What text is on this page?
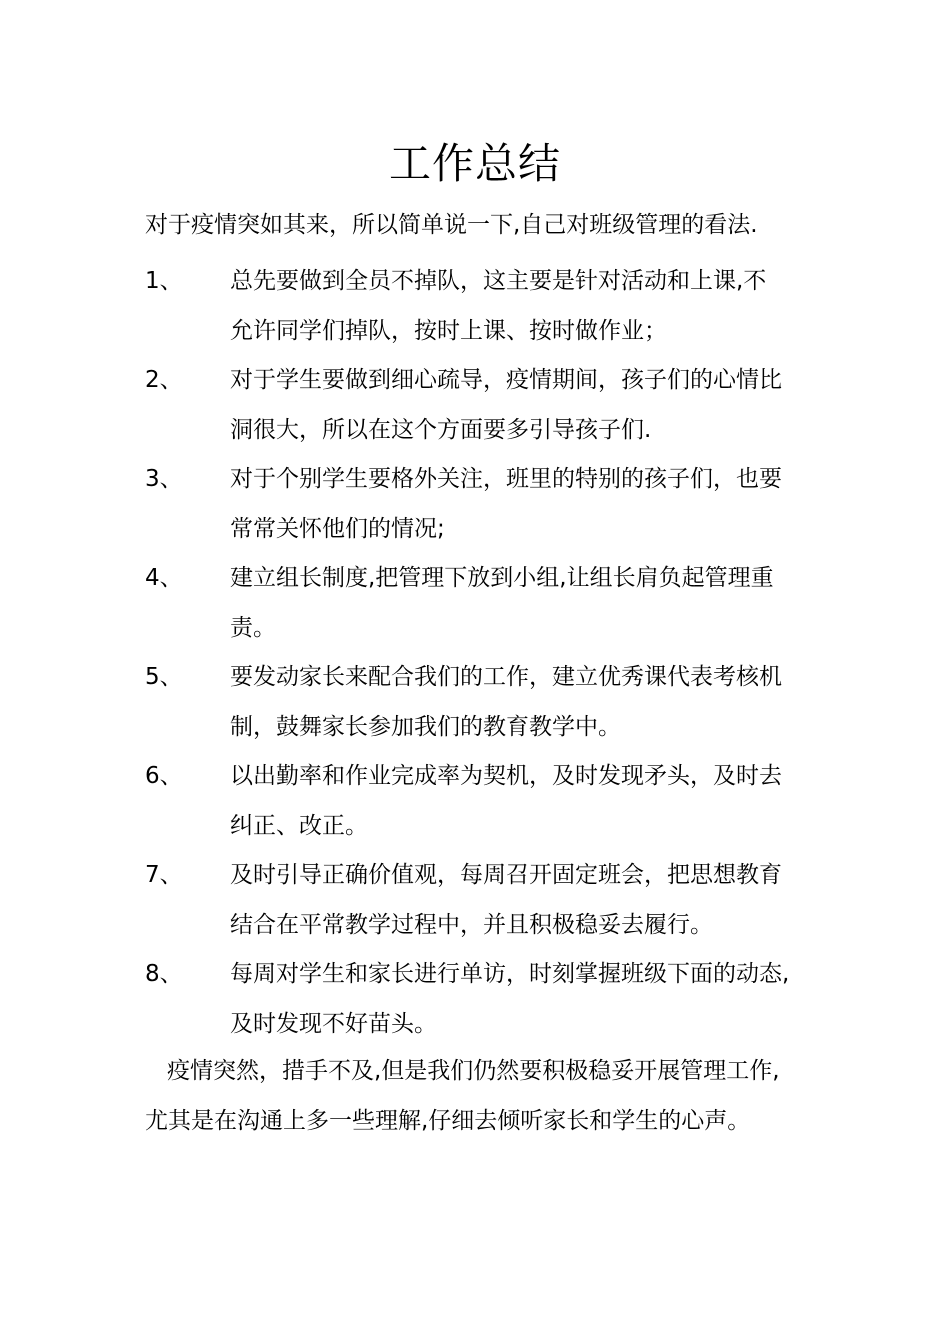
工作总结
对于疫情突如其来，所以简单说一下,自己对班级管理的看法.
1、 总先要做到全员不掉队，这主要是针对活动和上课,不
允许同学们掉队，按时上课、按时做作业；
2、 对于学生要做到细心疏导，疫情期间，孩子们的心情比
洞很大，所以在这个方面要多引导孩子们.
3、 对于个别学生要格外关注，班里的特别的孩子们，也要
常常关怀他们的情况;
4、 建立组长制度,把管理下放到小组,让组长肩负起管理重
责。
5、 要发动家长来配合我们的工作，建立优秀课代表考核机
制，鼓舞家长参加我们的教育教学中。
6、 以出勤率和作业完成率为契机，及时发现矛头，及时去
纠正、改正。
7、 及时引导正确价值观，每周召开固定班会，把思想教育
结合在平常教学过程中，并且积极稳妥去履行。
8、 每周对学生和家长进行单访，时刻掌握班级下面的动态,
及时发现不好苗头。
疫情突然，措手不及,但是我们仍然要积极稳妥开展管理工作,
尤其是在沟通上多一些理解,仔细去倾听家长和学生的心声。
